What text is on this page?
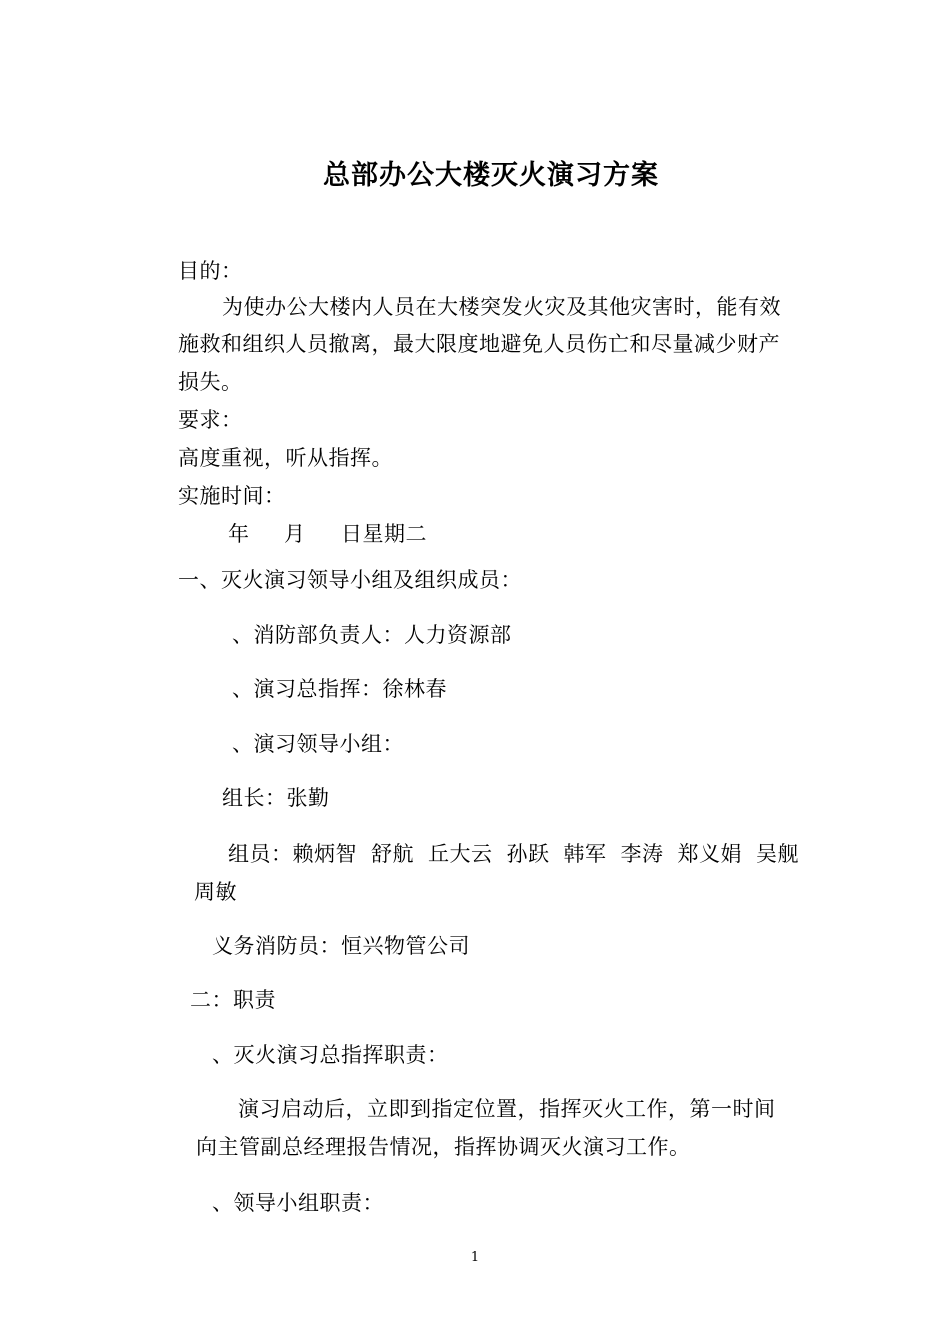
总部办公大楼灭火演习方案
目的：
为使办公大楼内人员在大楼突发火灾及其他灾害时，能有效
施救和组织人员撤离，最大限度地避免人员伤亡和尽量减少财产
损失。
要求：
高度重视，听从指挥。
实施时间：
年 月 日星期二
一、灭火演习领导小组及组织成员：
、消防部负责人：人力资源部
、演习总指挥：徐林春
、演习领导小组：
组长：张勤
组员： 赖炳智 舒航 丘大云 孙跃 韩军 李涛 郑义娟 吴舰
周敏
义务消防员：恒兴物管公司
二：职责
、灭火演习总指挥职责：
演习启动后，立即到指定位置，指挥灭火工作，第一时间
向主管副总经理报告情况，指挥协调灭火演习工作。
、领导小组职责：
1
